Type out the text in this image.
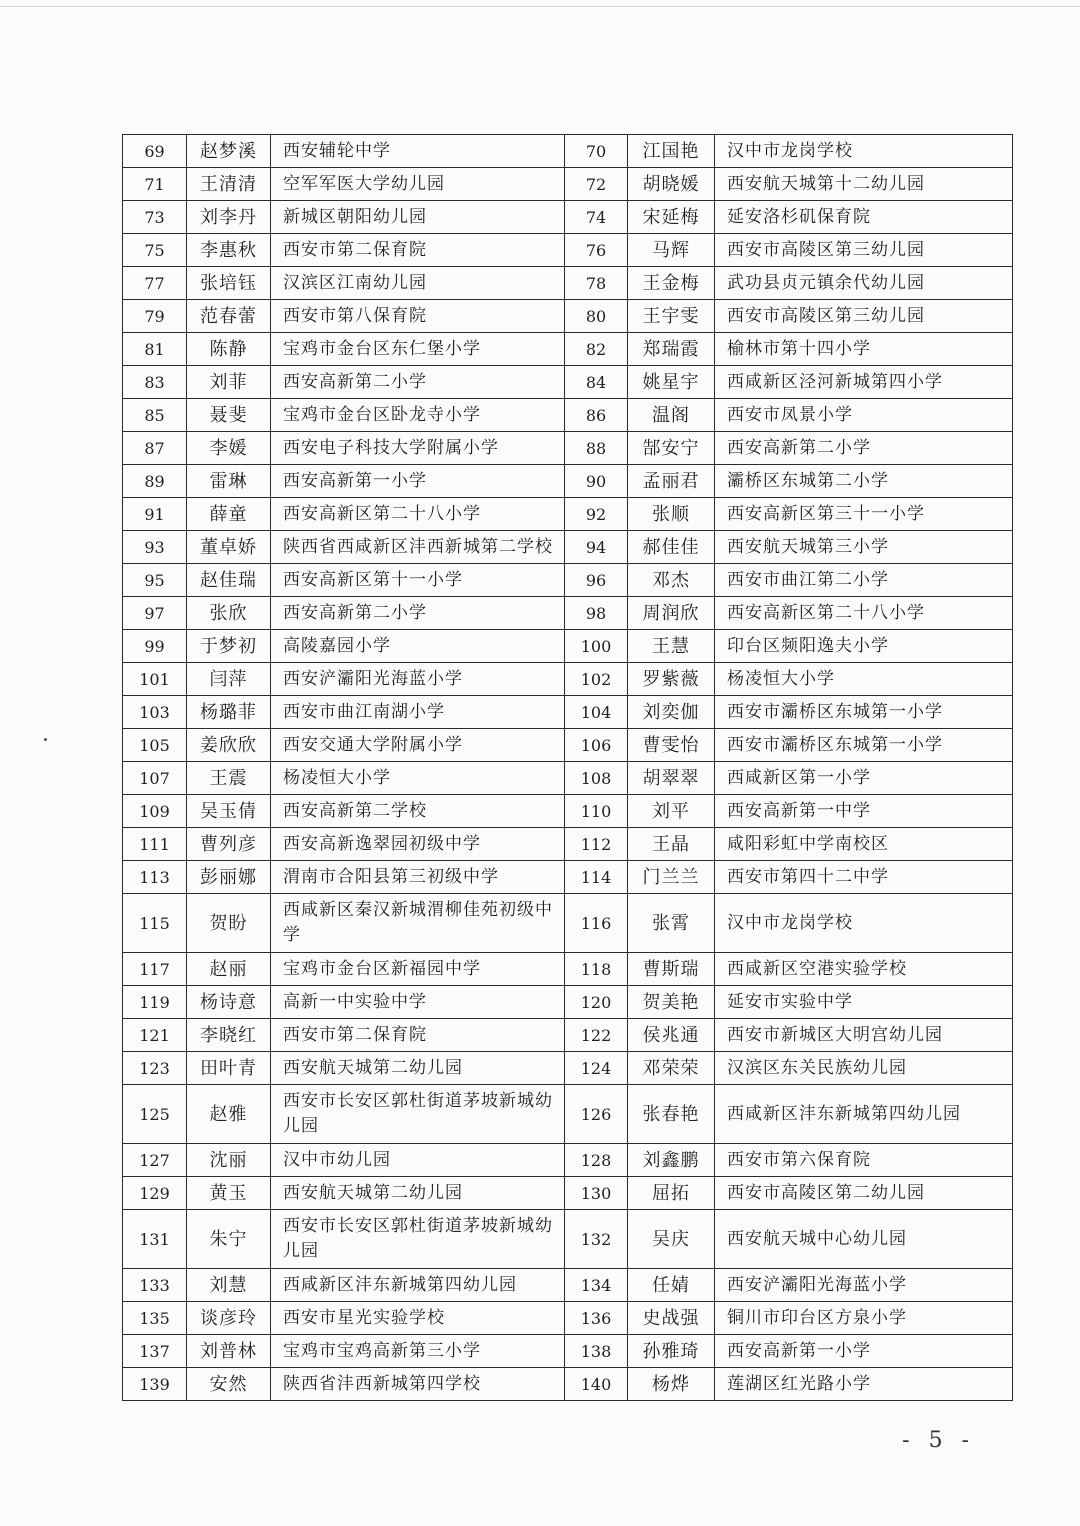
69	赵梦溪	西安辅轮中学	70	江国艳	汉中市龙岗学校
71	王清清	空军军医大学幼儿园	72	胡晓媛	西安航天城第十二幼儿园
73	刘李丹	新城区朝阳幼儿园	74	宋延梅	延安洛杉矶保育院
75	李惠秋	西安市第二保育院	76	马辉	西安市高陵区第三幼儿园
77	张培钰	汉滨区江南幼儿园	78	王金梅	武功县贞元镇余代幼儿园
79	范春蕾	西安市第八保育院	80	王宇雯	西安市高陵区第三幼儿园
81	陈静	宝鸡市金台区东仁堡小学	82	郑瑞霞	榆林市第十四小学
83	刘菲	西安高新第二小学	84	姚星宇	西咸新区泾河新城第四小学
85	聂斐	宝鸡市金台区卧龙寺小学	86	温阁	西安市凤景小学
87	李媛	西安电子科技大学附属小学	88	郜安宁	西安高新第二小学
89	雷琳	西安高新第一小学	90	孟丽君	灞桥区东城第二小学
91	薛童	西安高新区第二十八小学	92	张顺	西安高新区第三十一小学
93	董卓娇	陕西省西咸新区沣西新城第二学校	94	郝佳佳	西安航天城第三小学
95	赵佳瑞	西安高新区第十一小学	96	邓杰	西安市曲江第二小学
97	张欣	西安高新第二小学	98	周润欣	西安高新区第二十八小学
99	于梦初	高陵嘉园小学	100	王慧	印台区频阳逸夫小学
101	闫萍	西安浐灞阳光海蓝小学	102	罗紫薇	杨凌恒大小学
103	杨璐菲	西安市曲江南湖小学	104	刘奕伽	西安市灞桥区东城第一小学
105	姜欣欣	西安交通大学附属小学	106	曹雯怡	西安市灞桥区东城第一小学
107	王震	杨凌恒大小学	108	胡翠翠	西咸新区第一小学
109	吴玉倩	西安高新第二学校	110	刘平	西安高新第一中学
111	曹列彦	西安高新逸翠园初级中学	112	王晶	咸阳彩虹中学南校区
113	彭丽娜	渭南市合阳县第三初级中学	114	门兰兰	西安市第四十二中学
115	贺盼	西咸新区秦汉新城渭柳佳苑初级中学	116	张霄	汉中市龙岗学校
117	赵丽	宝鸡市金台区新福园中学	118	曹斯瑞	西咸新区空港实验学校
119	杨诗意	高新一中实验中学	120	贺美艳	延安市实验中学
121	李晓红	西安市第二保育院	122	侯兆通	西安市新城区大明宫幼儿园
123	田叶青	西安航天城第二幼儿园	124	邓荣荣	汉滨区东关民族幼儿园
125	赵雅	西安市长安区郭杜街道茅坡新城幼儿园	126	张春艳	西咸新区沣东新城第四幼儿园
127	沈丽	汉中市幼儿园	128	刘鑫鹏	西安市第六保育院
129	黄玉	西安航天城第二幼儿园	130	屈拓	西安市高陵区第二幼儿园
131	朱宁	西安市长安区郭杜街道茅坡新城幼儿园	132	吴庆	西安航天城中心幼儿园
133	刘慧	西咸新区沣东新城第四幼儿园	134	任婧	西安浐灞阳光海蓝小学
135	谈彦玲	西安市星光实验学校	136	史战强	铜川市印台区方泉小学
137	刘普林	宝鸡市宝鸡高新第三小学	138	孙雅琦	西安高新第一小学
139	安然	陕西省沣西新城第四学校	140	杨烨	莲湖区红光路小学
- 5 -
